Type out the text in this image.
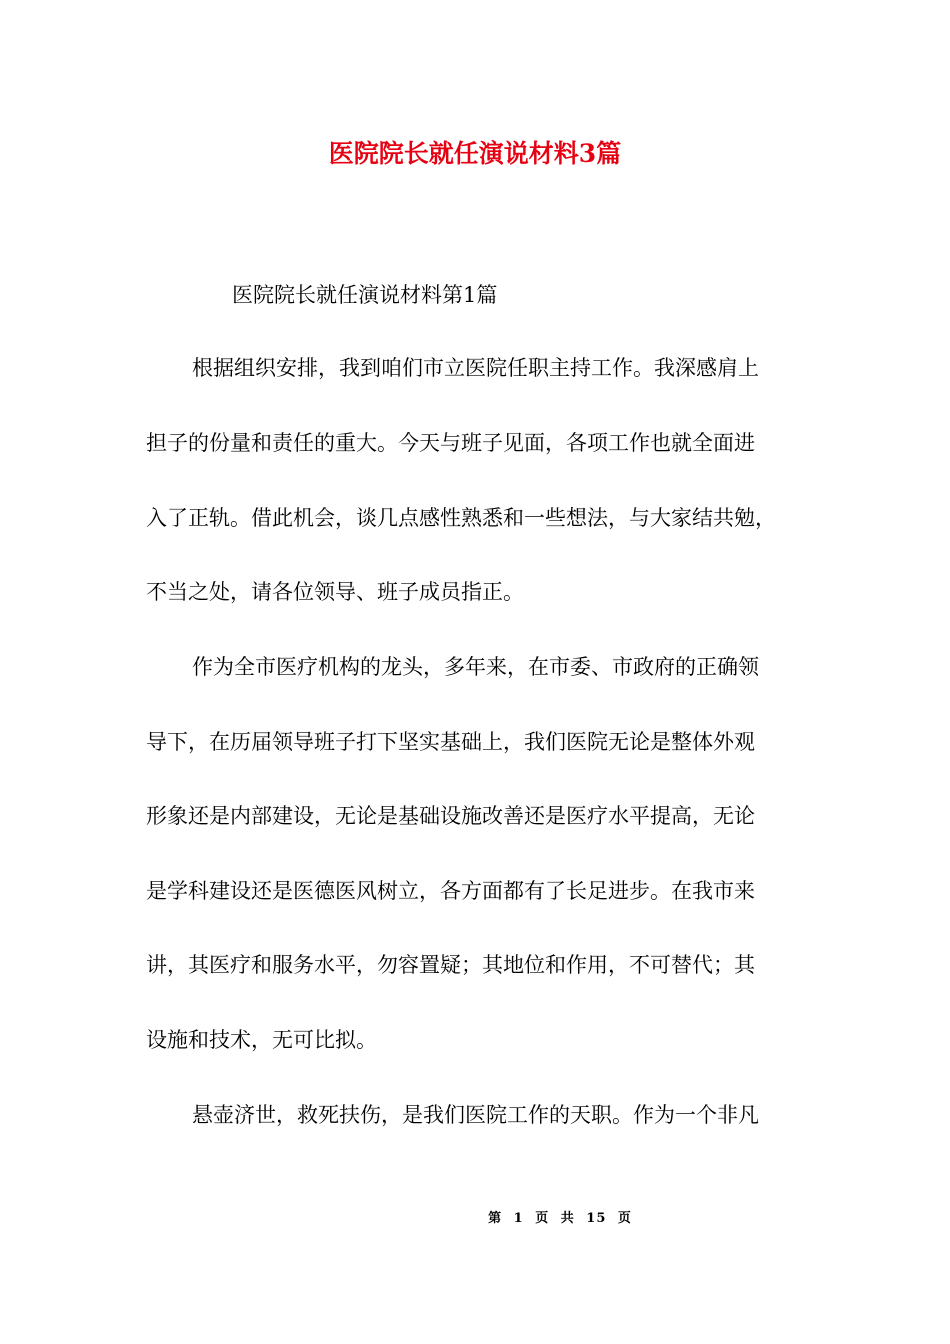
医院院长就任演说材料3篇

医院院长就任演说材料第1篇

根据组织安排，我到咱们市立医院任职主持工作。我深感肩上

担子的份量和责任的重大。今天与班子见面，各项工作也就全面进

入了正轨。借此机会，谈几点感性熟悉和一些想法，与大家结共勉，

不当之处，请各位领导、班子成员指正。

作为全市医疗机构的龙头，多年来，在市委、市政府的正确领

导下，在历届领导班子打下坚实基础上，我们医院无论是整体外观

形象还是内部建设，无论是基础设施改善还是医疗水平提高，无论

是学科建设还是医德医风树立，各方面都有了长足进步。在我市来

讲，其医疗和服务水平，勿容置疑；其地位和作用，不可替代；其

设施和技术，无可比拟。

悬壶济世，救死扶伤，是我们医院工作的天职。作为一个非凡

第 1 页 共 15 页
